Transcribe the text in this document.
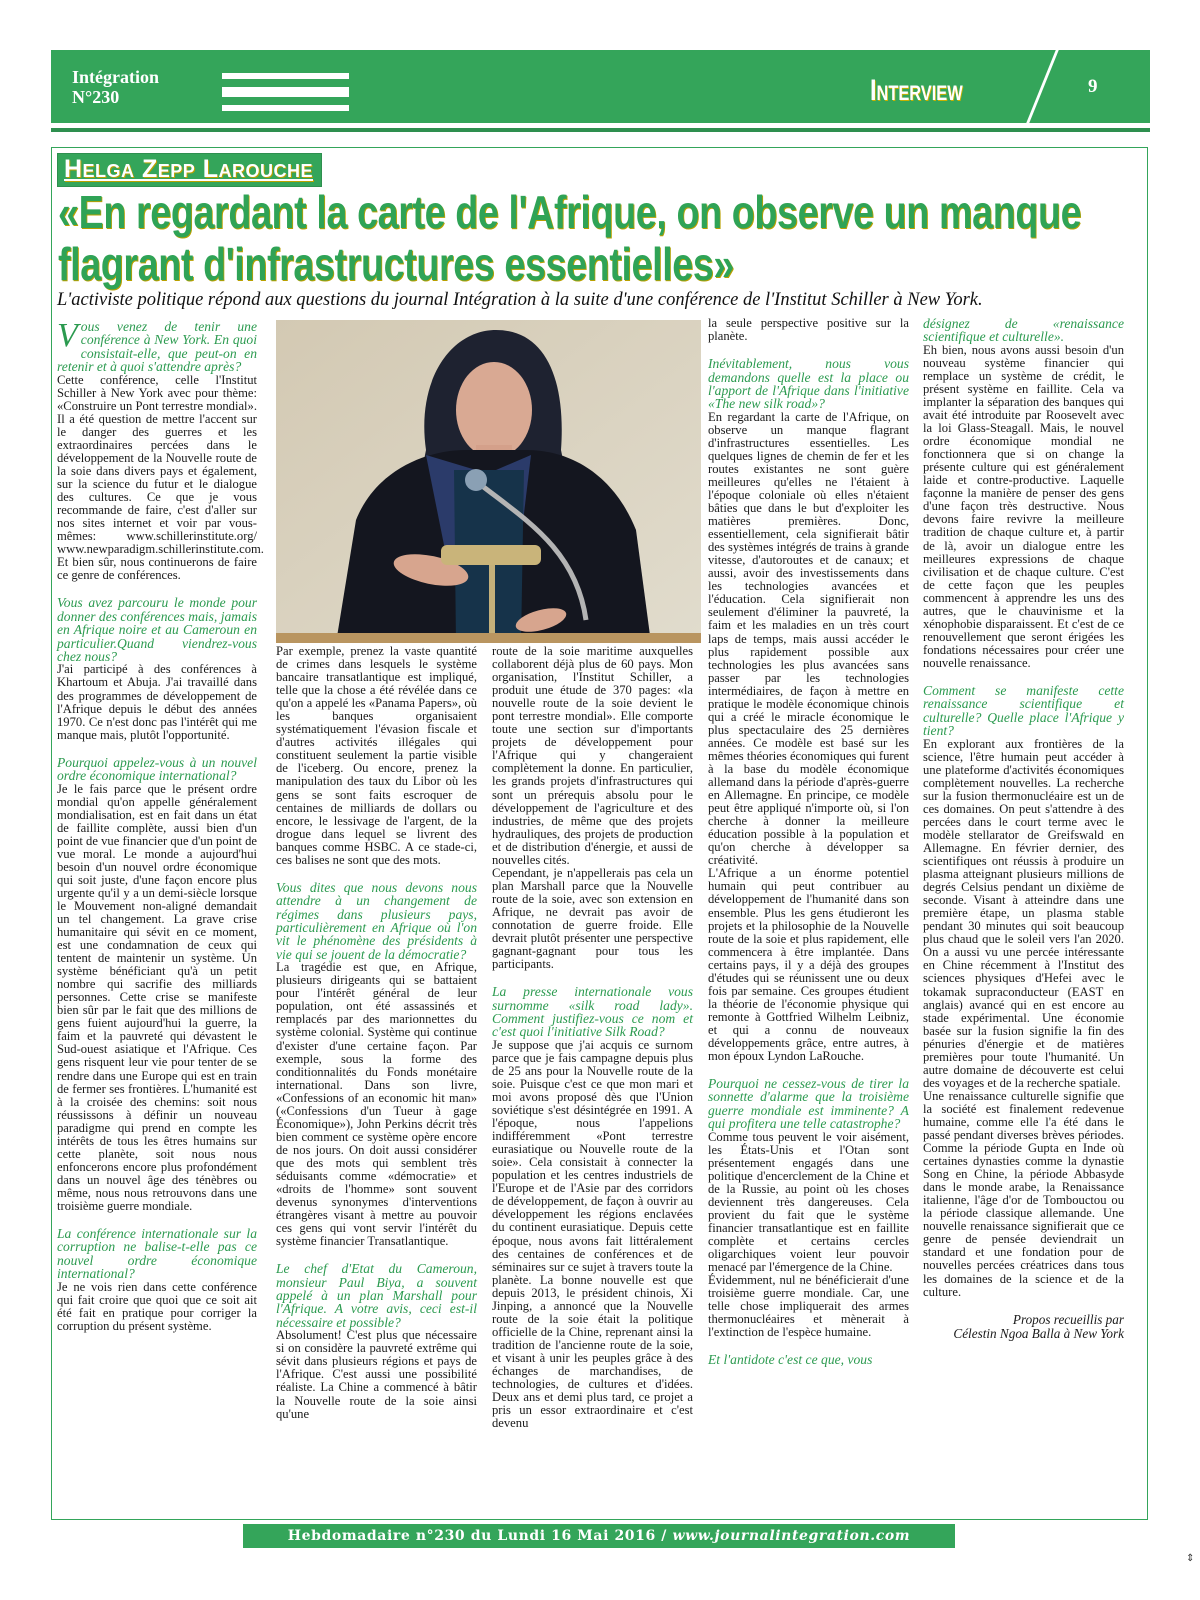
Intégration
N°230	Interview	9
Helga Zepp Larouche
«En regardant la carte de l'Afrique, on observe un manque flagrant d'infrastructures essentielles»
L'activiste politique répond aux questions du journal Intégration à la suite d'une conférence de l'Institut Schiller à New York.

Vous venez de tenir une conférence à New York. En quoi consistait-elle, que peut-on en retenir et à quoi s'attendre après?

Cette conférence, celle l'Institut Schiller à New York avec pour thème: «Construire un Pont terrestre mondial». Il a été question de mettre l'accent sur le danger des guerres et les extraordinaires percées dans le développement de la Nouvelle route de la soie dans divers pays et également, sur la science du futur et le dialogue des cultures. Ce que je vous recommande de faire, c'est d'aller sur nos sites internet et voir par vous-mêmes: www.schillerinstitute.org/ www.newparadigm.schillerinstitute.com. Et bien sûr, nous continuerons de faire ce genre de conférences.

Vous avez parcouru le monde pour donner des conférences mais, jamais en Afrique noire et au Cameroun en particulier.Quand viendrez-vous chez nous?

J'ai participé à des conférences à Khartoum et Abuja. J'ai travaillé dans des programmes de développement de l'Afrique depuis le début des années 1970. Ce n'est donc pas l'intérêt qui me manque mais, plutôt l'opportunité.

Pourquoi appelez-vous à un nouvel ordre économique international?

Je le fais parce que le présent ordre mondial qu'on appelle généralement mondialisation, est en fait dans un état de faillite complète, aussi bien d'un point de vue financier que d'un point de vue moral. Le monde a aujourd'hui besoin d'un nouvel ordre économique qui soit juste, d'une façon encore plus urgente qu'il y a un demi-siècle lorsque le Mouvement non-aligné demandait un tel changement. La grave crise humanitaire qui sévit en ce moment, est une condamnation de ceux qui tentent de maintenir un système. Un système bénéficiant qu'à un petit nombre qui sacrifie des milliards personnes. Cette crise se manifeste bien sûr par le fait que des millions de gens fuient aujourd'hui la guerre, la faim et la pauvreté qui dévastent le Sud-ouest asiatique et l'Afrique. Ces gens risquent leur vie pour tenter de se rendre dans une Europe qui est en train de fermer ses frontières. L'humanité est à la croisée des chemins: soit nous réussissons à définir un nouveau paradigme qui prend en compte les intérêts de tous les êtres humains sur cette planète, soit nous nous enfoncerons encore plus profondément dans un nouvel âge des ténèbres ou même, nous nous retrouvons dans une troisième guerre mondiale.

La conférence internationale sur la corruption ne balise-t-elle pas ce nouvel ordre économique international?

Je ne vois rien dans cette conférence qui fait croire que quoi que ce soit ait été fait en pratique pour corriger la corruption du présent système.

Par exemple, prenez la vaste quantité de crimes dans lesquels le système bancaire transatlantique est impliqué, telle que la chose a été révélée dans ce qu'on a appelé les «Panama Papers», où les banques organisaient systématiquement l'évasion fiscale et d'autres activités illégales qui constituent seulement la partie visible de l'iceberg. Ou encore, prenez la manipulation des taux du Libor où les gens se sont faits escroquer de centaines de milliards de dollars ou encore, le lessivage de l'argent, de la drogue dans lequel se livrent des banques comme HSBC. A ce stade-ci, ces balises ne sont que des mots.

Vous dites que nous devons nous attendre à un changement de régimes dans plusieurs pays, particulièrement en Afrique où l'on vit le phénomène des présidents à vie qui se jouent de la démocratie?

La tragédie est que, en Afrique, plusieurs dirigeants qui se battaient pour l'intérêt général de leur population, ont été assassinés et remplacés par des marionnettes du système colonial. Système qui continue d'exister d'une certaine façon. Par exemple, sous la forme des conditionnalités du Fonds monétaire international. Dans son livre, «Confessions of an economic hit man» («Confessions d'un Tueur à gage Économique»), John Perkins décrit très bien comment ce système opère encore de nos jours. On doit aussi considérer que des mots qui semblent très séduisants comme «démocratie» et «droits de l'homme» sont souvent devenus synonymes d'interventions étrangères visant à mettre au pouvoir ces gens qui vont servir l'intérêt du système financier Transatlantique.

Le chef d'Etat du Cameroun, monsieur Paul Biya, a souvent appelé à un plan Marshall pour l'Afrique. A votre avis, ceci est-il nécessaire et possible?

Absolument! C'est plus que nécessaire si on considère la pauvreté extrême qui sévit dans plusieurs régions et pays de l'Afrique. C'est aussi une possibilité réaliste. La Chine a commencé à bâtir la Nouvelle route de la soie ainsi qu'une

route de la soie maritime auxquelles collaborent déjà plus de 60 pays. Mon organisation, l'Institut Schiller, a produit une étude de 370 pages: «la nouvelle route de la soie devient le pont terrestre mondial». Elle comporte toute une section sur d'importants projets de développement pour l'Afrique qui y changeraient complètement la donne. En particulier, les grands projets d'infrastructures qui sont un prérequis absolu pour le développement de l'agriculture et des industries, de même que des projets hydrauliques, des projets de production et de distribution d'énergie, et aussi de nouvelles cités.

Cependant, je n'appellerais pas cela un plan Marshall parce que la Nouvelle route de la soie, avec son extension en Afrique, ne devrait pas avoir de connotation de guerre froide. Elle devrait plutôt présenter une perspective gagnant-gagnant pour tous les participants.

La presse internationale vous surnomme «silk road lady». Comment justifiez-vous ce nom et c'est quoi l'initiative Silk Road?

Je suppose que j'ai acquis ce surnom parce que je fais campagne depuis plus de 25 ans pour la Nouvelle route de la soie. Puisque c'est ce que mon mari et moi avons proposé dès que l'Union soviétique s'est désintégrée en 1991. A l'époque, nous l'appelions indifféremment «Pont terrestre eurasiatique ou Nouvelle route de la soie». Cela consistait à connecter la population et les centres industriels de l'Europe et de l'Asie par des corridors de développement, de façon à ouvrir au développement les régions enclavées du continent eurasiatique. Depuis cette époque, nous avons fait littéralement des centaines de conférences et de séminaires sur ce sujet à travers toute la planète. La bonne nouvelle est que depuis 2013, le président chinois, Xi Jinping, a annoncé que la Nouvelle route de la soie était la politique officielle de la Chine, reprenant ainsi la tradition de l'ancienne route de la soie, et visant à unir les peuples grâce à des échanges de marchandises, de technologies, de cultures et d'idées. Deux ans et demi plus tard, ce projet a pris un essor extraordinaire et c'est devenu

la seule perspective positive sur la planète.

Inévitablement, nous vous demandons quelle est la place ou l'apport de l'Afrique dans l'initiative «The new silk road»?

En regardant la carte de l'Afrique, on observe un manque flagrant d'infrastructures essentielles. Les quelques lignes de chemin de fer et les routes existantes ne sont guère meilleures qu'elles ne l'étaient à l'époque coloniale où elles n'étaient bâties que dans le but d'exploiter les matières premières. Donc, essentiellement, cela signifierait bâtir des systèmes intégrés de trains à grande vitesse, d'autoroutes et de canaux; et aussi, avoir des investissements dans les technologies avancées et l'éducation. Cela signifierait non seulement d'éliminer la pauvreté, la faim et les maladies en un très court laps de temps, mais aussi accéder le plus rapidement possible aux technologies les plus avancées sans passer par les technologies intermédiaires, de façon à mettre en pratique le modèle économique chinois qui a créé le miracle économique le plus spectaculaire des 25 dernières années. Ce modèle est basé sur les mêmes théories économiques qui furent à la base du modèle économique allemand dans la période d'après-guerre en Allemagne. En principe, ce modèle peut être appliqué n'importe où, si l'on cherche à donner la meilleure éducation possible à la population et qu'on cherche à développer sa créativité.

L'Afrique a un énorme potentiel humain qui peut contribuer au développement de l'humanité dans son ensemble. Plus les gens étudieront les projets et la philosophie de la Nouvelle route de la soie et plus rapidement, elle commencera à être implantée. Dans certains pays, il y a déjà des groupes d'études qui se réunissent une ou deux fois par semaine. Ces groupes étudient la théorie de l'économie physique qui remonte à Gottfried Wilhelm Leibniz, et qui a connu de nouveaux développements grâce, entre autres, à mon époux Lyndon LaRouche.

Pourquoi ne cessez-vous de tirer la sonnette d'alarme que la troisième guerre mondiale est imminente? A qui profitera une telle catastrophe?

Comme tous peuvent le voir aisément, les États-Unis et l'Otan sont présentement engagés dans une politique d'encerclement de la Chine et de la Russie, au point où les choses deviennent très dangereuses. Cela provient du fait que le système financier transatlantique est en faillite complète et certains cercles oligarchiques voient leur pouvoir menacé par l'émergence de la Chine.

Évidemment, nul ne bénéficierait d'une troisième guerre mondiale. Car, une telle chose impliquerait des armes thermonucléaires et mènerait à l'extinction de l'espèce humaine.

Et l'antidote c'est ce que, vous

désignez de «renaissance scientifique et culturelle».

Eh bien, nous avons aussi besoin d'un nouveau système financier qui remplace un système de crédit, le présent système en faillite. Cela va implanter la séparation des banques qui avait été introduite par Roosevelt avec la loi Glass-Steagall. Mais, le nouvel ordre économique mondial ne fonctionnera que si on change la présente culture qui est généralement laide et contre-productive. Laquelle façonne la manière de penser des gens d'une façon très destructive. Nous devons faire revivre la meilleure tradition de chaque culture et, à partir de là, avoir un dialogue entre les meilleures expressions de chaque civilisation et de chaque culture. C'est de cette façon que les peuples commencent à apprendre les uns des autres, que le chauvinisme et la xénophobie disparaissent. Et c'est de ce renouvellement que seront érigées les fondations nécessaires pour créer une nouvelle renaissance.

Comment se manifeste cette renaissance scientifique et culturelle? Quelle place l'Afrique y tient?

En explorant aux frontières de la science, l'être humain peut accéder à une plateforme d'activités économiques complètement nouvelles. La recherche sur la fusion thermonucléaire est un de ces domaines. On peut s'attendre à des percées dans le court terme avec le modèle stellarator de Greifswald en Allemagne. En février dernier, des scientifiques ont réussis à produire un plasma atteignant plusieurs millions de degrés Celsius pendant un dixième de seconde. Visant à atteindre dans une première étape, un plasma stable pendant 30 minutes qui soit beaucoup plus chaud que le soleil vers l'an 2020. On a aussi vu une percée intéressante en Chine récemment à l'Institut des sciences physiques d'Hefei avec le tokamak supraconducteur (EAST en anglais) avancé qui en est encore au stade expérimental. Une économie basée sur la fusion signifie la fin des pénuries d'énergie et de matières premières pour toute l'humanité. Un autre domaine de découverte est celui des voyages et de la recherche spatiale.

Une renaissance culturelle signifie que la société est finalement redevenue humaine, comme elle l'a été dans le passé pendant diverses brèves périodes. Comme la période Gupta en Inde où certaines dynasties comme la dynastie Song en Chine, la période Abbasyde dans le monde arabe, la Renaissance italienne, l'âge d'or de Tombouctou ou la période classique allemande. Une nouvelle renaissance signifierait que ce genre de pensée deviendrait un standard et une fondation pour de nouvelles percées créatrices dans tous les domaines de la science et de la culture.

Propos recueillis par
Célestin Ngoa Balla à New York
Hebdomadaire n°230 du Lundi 16 Mai 2016 / www.journalintegration.com
⇕
